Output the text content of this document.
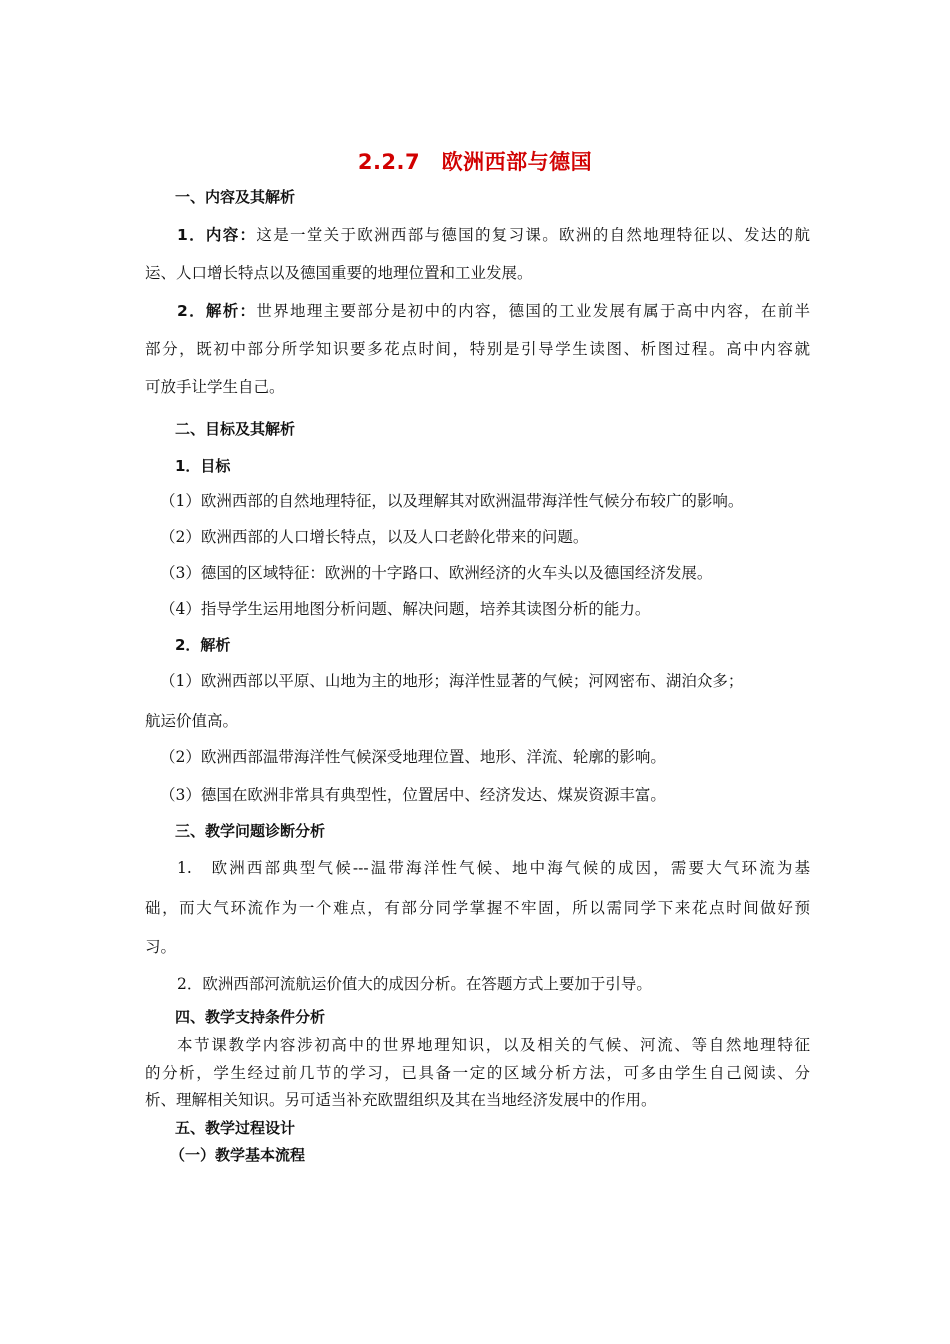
2.2.7　欧洲西部与德国
一、内容及其解析
1．内容：这是一堂关于欧洲西部与德国的复习课。欧洲的自然地理特征以、发达的航
运、人口增长特点以及德国重要的地理位置和工业发展。
2．解析：世界地理主要部分是初中的内容，德国的工业发展有属于高中内容，在前半
部分，既初中部分所学知识要多花点时间，特别是引导学生读图、析图过程。高中内容就
可放手让学生自己。
二、目标及其解析
1．目标
（1）欧洲西部的自然地理特征，以及理解其对欧洲温带海洋性气候分布较广的影响。
（2）欧洲西部的人口增长特点，以及人口老龄化带来的问题。
（3）德国的区域特征：欧洲的十字路口、欧洲经济的火车头以及德国经济发展。
（4）指导学生运用地图分析问题、解决问题，培养其读图分析的能力。
2．解析
（1）欧洲西部以平原、山地为主的地形；海洋性显著的气候；河网密布、湖泊众多；
航运价值高。
（2）欧洲西部温带海洋性气候深受地理位置、地形、洋流、轮廓的影响。
（3）德国在欧洲非常具有典型性，位置居中、经济发达、煤炭资源丰富。
三、教学问题诊断分析
1.　欧洲西部典型气候---温带海洋性气候、地中海气候的成因，需要大气环流为基
础，而大气环流作为一个难点，有部分同学掌握不牢固，所以需同学下来花点时间做好预
习。
2．欧洲西部河流航运价值大的成因分析。在答题方式上要加于引导。
四、教学支持条件分析
本节课教学内容涉初高中的世界地理知识，以及相关的气候、河流、等自然地理特征
的分析，学生经过前几节的学习，已具备一定的区域分析方法，可多由学生自己阅读、分
析、理解相关知识。另可适当补充欧盟组织及其在当地经济发展中的作用。
五、教学过程设计
（一）教学基本流程
